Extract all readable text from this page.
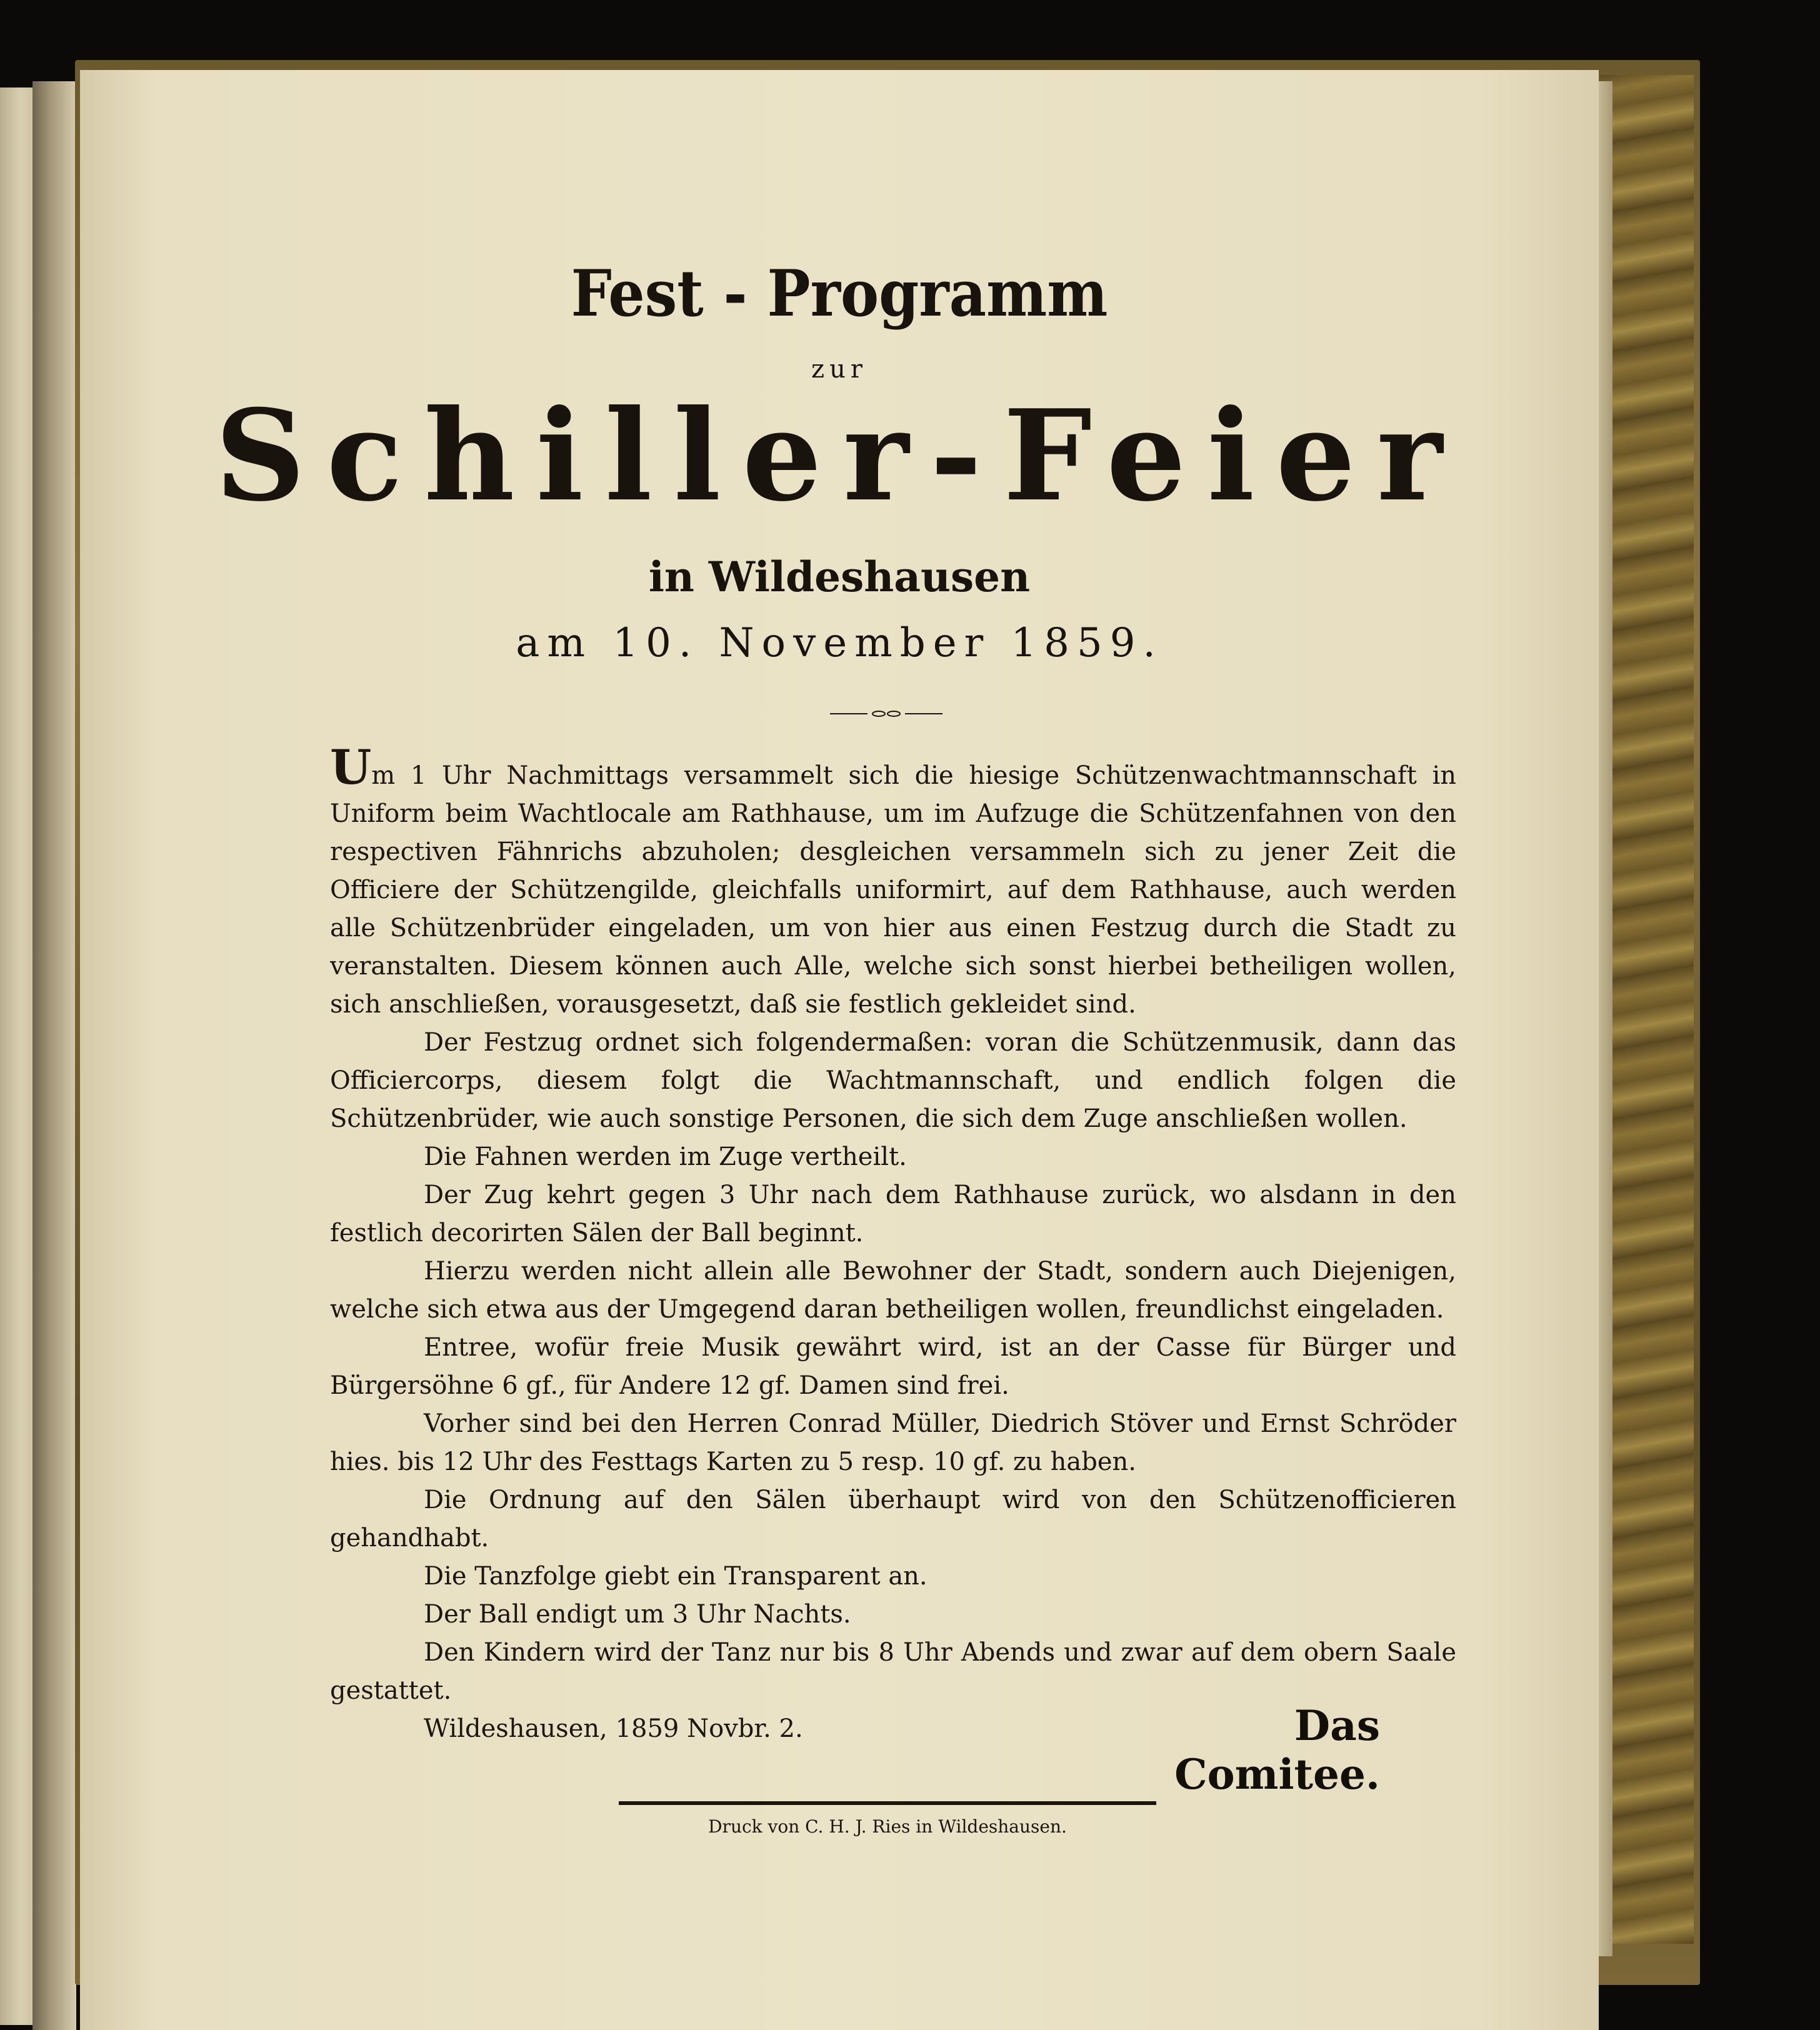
Fest - Programm
zur
Schiller-Feier
in Wildeshausen
am 10. November 1859.

Um 1 Uhr Nachmittags versammelt sich die hiesige Schützenwachtmannschaft in Uniform beim Wachtlocale am Rathhause, um im Aufzuge die Schützenfahnen von den respectiven Fähnrichs abzuholen; desgleichen versammeln sich zu jener Zeit die Officiere der Schützengilde, gleichfalls uniformirt, auf dem Rathhause, auch werden alle Schützenbrüder eingeladen, um von hier aus einen Festzug durch die Stadt zu veranstalten. Diesem können auch Alle, welche sich sonst hierbei betheiligen wollen, sich anschließen, vorausgesetzt, daß sie festlich gekleidet sind.

Der Festzug ordnet sich folgendermaßen: voran die Schützenmusik, dann das Officiercorps, diesem folgt die Wachtmannschaft, und endlich folgen die Schützenbrüder, wie auch sonstige Personen, die sich dem Zuge anschließen wollen.

Die Fahnen werden im Zuge vertheilt.

Der Zug kehrt gegen 3 Uhr nach dem Rathhause zurück, wo alsdann in den festlich decorirten Sälen der Ball beginnt.

Hierzu werden nicht allein alle Bewohner der Stadt, sondern auch Diejenigen, welche sich etwa aus der Umgegend daran betheiligen wollen, freundlichst eingeladen.

Entree, wofür freie Musik gewährt wird, ist an der Casse für Bürger und Bürgersöhne 6 gf., für Andere 12 gf. Damen sind frei.

Vorher sind bei den Herren Conrad Müller, Diedrich Stöver und Ernst Schröder hies. bis 12 Uhr des Festtags Karten zu 5 resp. 10 gf. zu haben.

Die Ordnung auf den Sälen überhaupt wird von den Schützenofficieren gehandhabt.

Die Tanzfolge giebt ein Transparent an.

Der Ball endigt um 3 Uhr Nachts.

Den Kindern wird der Tanz nur bis 8 Uhr Abends und zwar auf dem obern Saale gestattet.

Wildeshausen, 1859 Novbr. 2.	Das Comitee.
Druck von C. H. J. Ries in Wildeshausen.
